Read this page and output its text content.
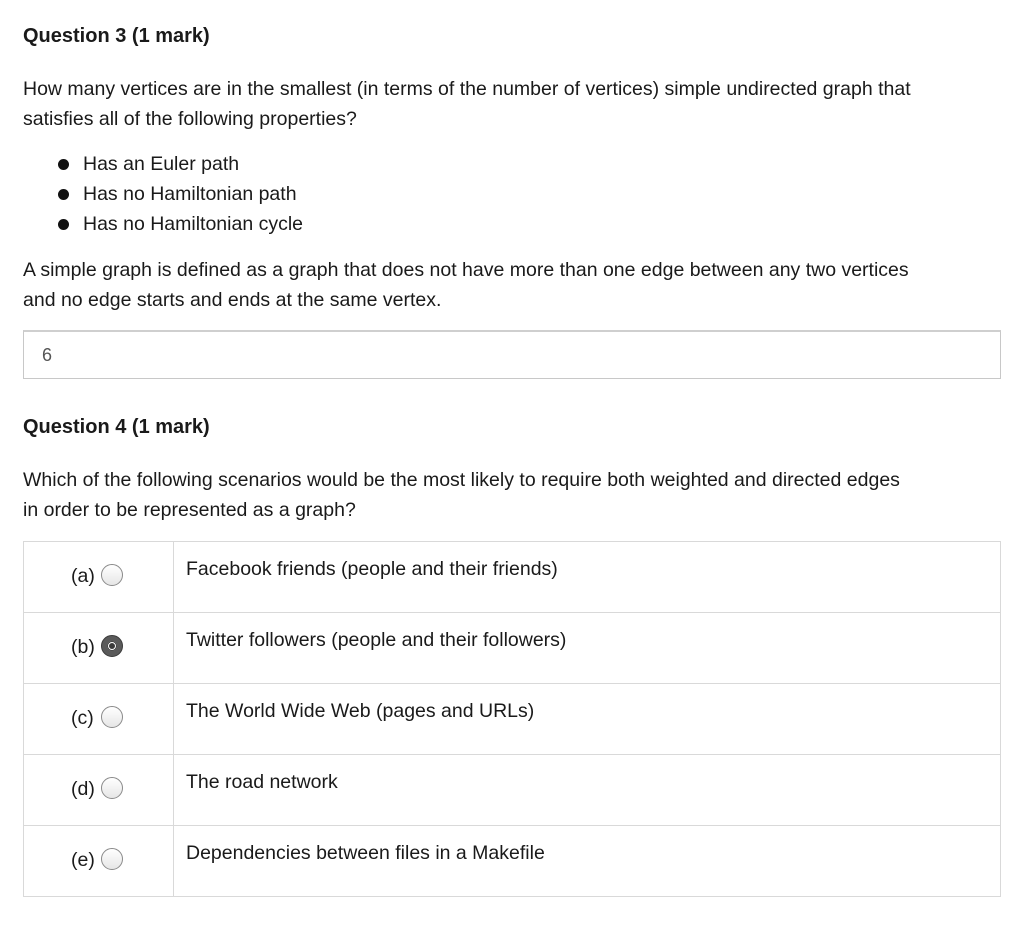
Question 3 (1 mark)

How many vertices are in the smallest (in terms of the number of vertices) simple undirected graph that

satisfies all of the following properties?

Has an Euler path
Has no Hamiltonian path
Has no Hamiltonian cycle

A simple graph is defined as a graph that does not have more than one edge between any two vertices

and no edge starts and ends at the same vertex.

6
Question 4 (1 mark)

Which of the following scenarios would be the most likely to require both weighted and directed edges

in order to be represented as a graph?

(a)	Facebook friends (people and their friends)

(b)	Twitter followers (people and their followers)

(c)	The World Wide Web (pages and URLs)

(d)	The road network

(e)	Dependencies between files in a Makefile
